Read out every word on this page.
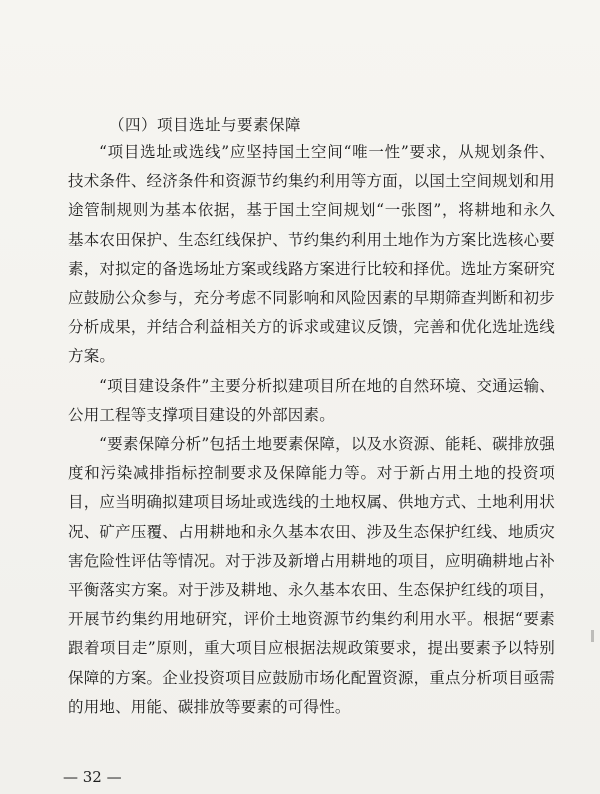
（四）项目选址与要素保障

“项目选址或选线”应坚持国土空间“唯一性”要求，从规划条件、技术条件、经济条件和资源节约集约利用等方面，以国土空间规划和用途管制规则为基本依据，基于国土空间规划“一张图”，将耕地和永久基本农田保护、生态红线保护、节约集约利用土地作为方案比选核心要素，对拟定的备选场址方案或线路方案进行比较和择优。选址方案研究应鼓励公众参与，充分考虑不同影响和风险因素的早期筛查判断和初步分析成果，并结合利益相关方的诉求或建议反馈，完善和优化选址选线方案。

“项目建设条件”主要分析拟建项目所在地的自然环境、交通运输、公用工程等支撑项目建设的外部因素。

“要素保障分析”包括土地要素保障，以及水资源、能耗、碳排放强度和污染减排指标控制要求及保障能力等。对于新占用土地的投资项目，应当明确拟建项目场址或选线的土地权属、供地方式、土地利用状况、矿产压覆、占用耕地和永久基本农田、涉及生态保护红线、地质灾害危险性评估等情况。对于涉及新增占用耕地的项目，应明确耕地占补平衡落实方案。对于涉及耕地、永久基本农田、生态保护红线的项目，开展节约集约用地研究，评价土地资源节约集约利用水平。根据“要素跟着项目走”原则，重大项目应根据法规政策要求，提出要素予以特别保障的方案。企业投资项目应鼓励市场化配置资源，重点分析项目亟需的用地、用能、碳排放等要素的可得性。

— 32 —
